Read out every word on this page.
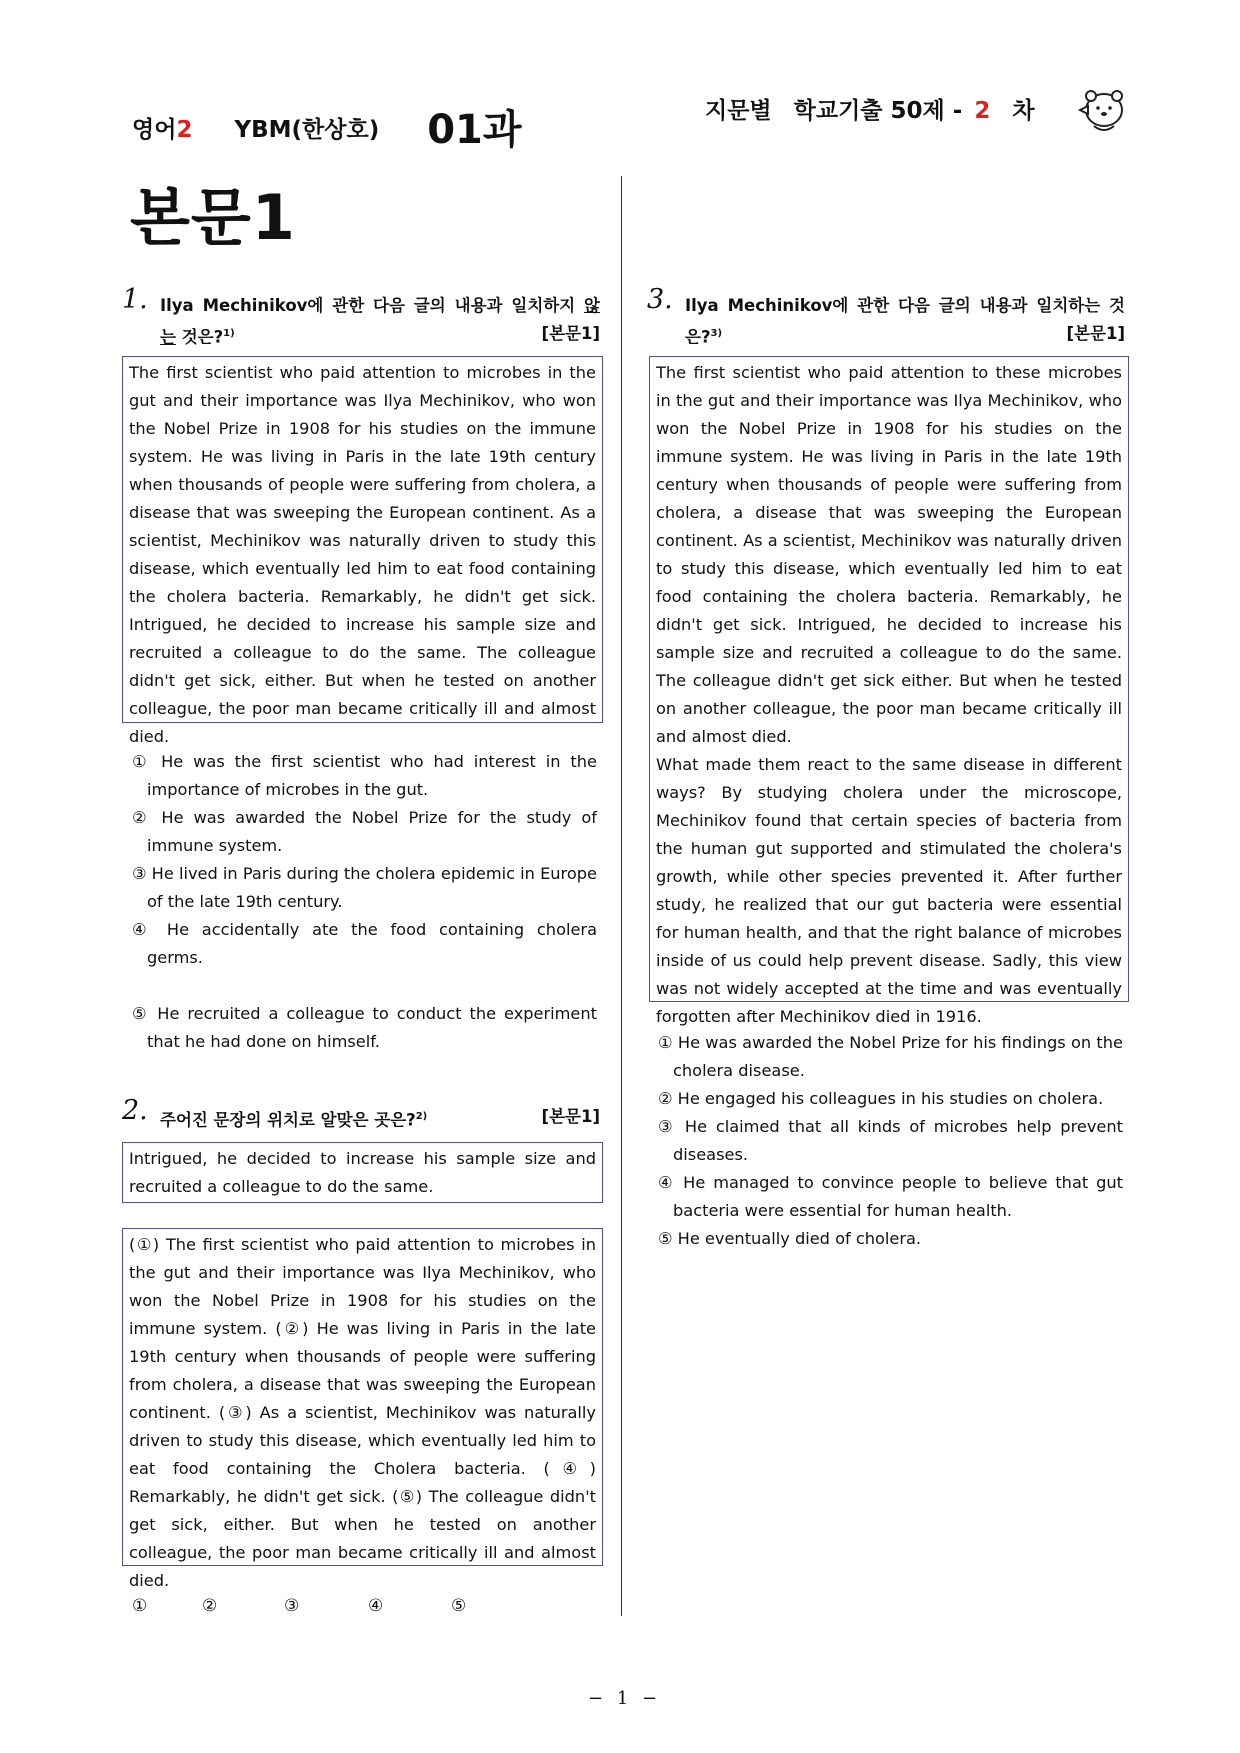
영어2 YBM(한상호) 01과	지문별 학교기출 50제 - 2 차
본문1
1. Ilya Mechinikov에 관한 다음 글의 내용과 일치하지 않
는 것은?$^{1)}$	[본문1]
The first scientist who paid attention to microbes in the gut and their importance was Ilya Mechinikov, who won the Nobel Prize in 1908 for his studies on the immune system. He was living in Paris in the late 19th century when thousands of people were suffering from cholera, a disease that was sweeping the European continent. As a scientist, Mechinikov was naturally driven to study this disease, which eventually led him to eat food containing the cholera bacteria. Remarkably, he didn't get sick. Intrigued, he decided to increase his sample size and recruited a colleague to do the same. The colleague didn't get sick, either. But when he tested on another colleague, the poor man became critically ill and almost died.
① He was the first scientist who had interest in the importance of microbes in the gut.
② He was awarded the Nobel Prize for the study of immune system.
③ He lived in Paris during the cholera epidemic in Europe of the late 19th century.
④ He accidentally ate the food containing cholera germs.
⑤ He recruited a colleague to conduct the experiment that he had done on himself.
2. 주어진 문장의 위치로 알맞은 곳은?$^{2)}$	[본문1]
Intrigued, he decided to increase his sample size and recruited a colleague to do the same.
(①) The first scientist who paid attention to microbes in the gut and their importance was Ilya Mechinikov, who won the Nobel Prize in 1908 for his studies on the immune system. (②) He was living in Paris in the late 19th century when thousands of people were suffering from cholera, a disease that was sweeping the European continent. (③) As a scientist, Mechinikov was naturally driven to study this disease, which eventually led him to eat food containing the Cholera bacteria. (④) Remarkably, he didn't get sick. (⑤) The colleague didn't get sick, either. But when he tested on another colleague, the poor man became critically ill and almost died.
①	②	③	④	⑤
3. Ilya Mechinikov에 관한 다음 글의 내용과 일치하는 것
은?$^{3)}$	[본문1]
The first scientist who paid attention to these microbes in the gut and their importance was Ilya Mechinikov, who won the Nobel Prize in 1908 for his studies on the immune system. He was living in Paris in the late 19th century when thousands of people were suffering from cholera, a disease that was sweeping the European continent. As a scientist, Mechinikov was naturally driven to study this disease, which eventually led him to eat food containing the cholera bacteria. Remarkably, he didn't get sick. Intrigued, he decided to increase his sample size and recruited a colleague to do the same. The colleague didn't get sick either. But when he tested on another colleague, the poor man became critically ill and almost died.
What made them react to the same disease in different ways? By studying cholera under the microscope, Mechinikov found that certain species of bacteria from the human gut supported and stimulated the cholera's growth, while other species prevented it. After further study, he realized that our gut bacteria were essential for human health, and that the right balance of microbes inside of us could help prevent disease. Sadly, this view was not widely accepted at the time and was eventually forgotten after Mechinikov died in 1916.
① He was awarded the Nobel Prize for his findings on the cholera disease.
② He engaged his colleagues in his studies on cholera.
③ He claimed that all kinds of microbes help prevent diseases.
④ He managed to convince people to believe that gut bacteria were essential for human health.
⑤ He eventually died of cholera.
− 1 −
